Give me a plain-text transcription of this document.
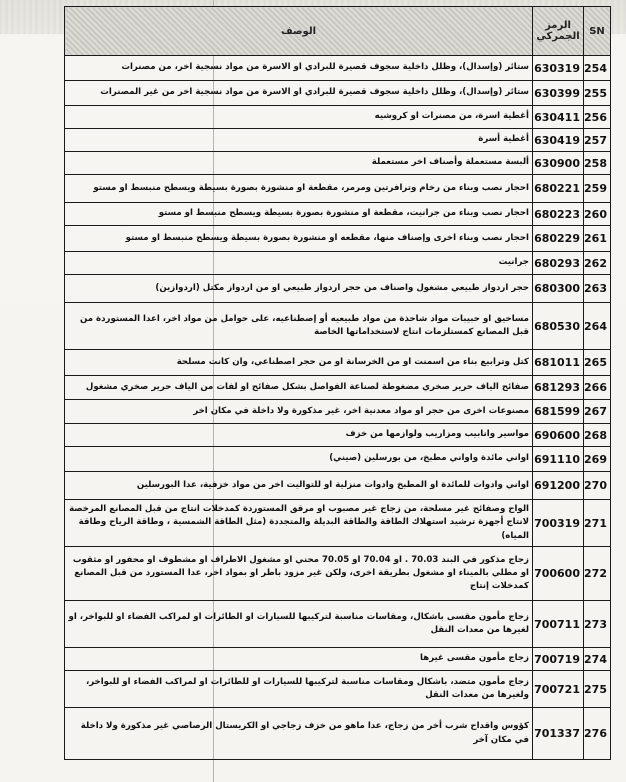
SN	الرمز الجمركي	الوصف
254	630319	ستائر (وإسدال)، وظلل داخلية سجوف قصيرة للبرادي او الاسرة من مواد نسجية اخر، من مصنرات
255	630399	ستائر (وإسدال)، وظلل داخلية سجوف قصيرة للبرادي او الاسرة من مواد نسجية اخر من غير المصنرات
256	630411	أغطية اسرة، من مصنرات او كروشيه
257	630419	أغطية أسرة
258	630900	ألبسة مستعملة وأصناف اخر مستعملة
259	680221	احجار نصب وبناء من رخام وترافرتين ومرمر، مقطعة او منشورة بصورة بسيطة ويسطح منبسط او مستو
260	680223	احجار نصب وبناء من جرانيت، مقطعة او منشورة بصورة بسيطة ويسطح منبسط او مستو
261	680229	احجار نصب وبناء اخرى وإصناف منها، مقطعه او منشورة بصورة بسيطة ويسطح منبسط او مستو
262	680293	جرانيت
263	680300	حجر اردواز طبيعي مشغول واصناف من حجر اردواز طبيعي او من اردواز مكتل (اردوازين)
264	680530	مساحيق او حبيبات مواد شاحذة من مواد طبيعيه أو إصطناعيه، على حوامل من مواد اخر، اعدا المستوردة من قبل المصانع كمستلزمات انتاج لاستخداماتها الخاصة
265	681011	كتل وترابيع بناء من اسمنت او من الخرسانة او من حجر اصطناعي، وان كانت مسلحة
266	681293	صفائح الياف حرير صخري مضغوطة لصناعة الفواصل بشكل صفائح او لفات من الياف حرير صخري مشغول
267	681599	مصنوعات اخرى من حجر او مواد معدنية اخر، غير مذكورة ولا داخلة في مكان اخر
268	690600	مواسير وانابيب ومزاريب ولوازمها من خزف
269	691110	اواني مائدة واواني مطبخ، من بورسلين (صيني)
270	691200	اواني وادوات للمائدة او المطبخ وادوات منزلية او للتواليت اخر من مواد خزفية، عدا البورسلين
271	700319	الواح وصفائح غير مسلحة، من زجاج غير مصبوب او مرقق المستوردة كمدخلات انتاج من قبل المصانع المرخصة لانتاج أجهزة ترشيد استهلاك الطاقة والطاقة البديلة والمتجددة (مثل الطاقة الشمسية ، وطاقة الرياح وطاقة المياه)
272	700600	زجاج مذكور في البند 70.03 . او 70.04 او 70.05 محني او مشغول الاطراف او مشطوف او محفور او مثقوب او مطلي بالميناء او مشغول بطريقة اخرى، ولكن غير مزود باطر او بمواد اخر، عدا المستورد من قبل المصانع كمدخلات إنتاج
273	700711	زجاج مأمون مقسى باشكال، ومقاسات مناسبة لتركيبها للسيارات او الطائرات او لمراكب الفضاء او للبواخر، او لغيرها من معدات النقل
274	700719	زجاج مأمون مقسى غيرها
275	700721	زجاج مأمون متضد، باشكال ومقاسات مناسبة لتركيبها للسيارات او للطائرات او لمراكب الفضاء او للبواخر، ولغيرها من معدات النقل
276	701337	كؤوس واقداح شرب أخر من زجاج، عدا ماهو من خزف زجاجي او الكريستال الرصاصي غير مذكورة ولا داخلة في مكان آخر
